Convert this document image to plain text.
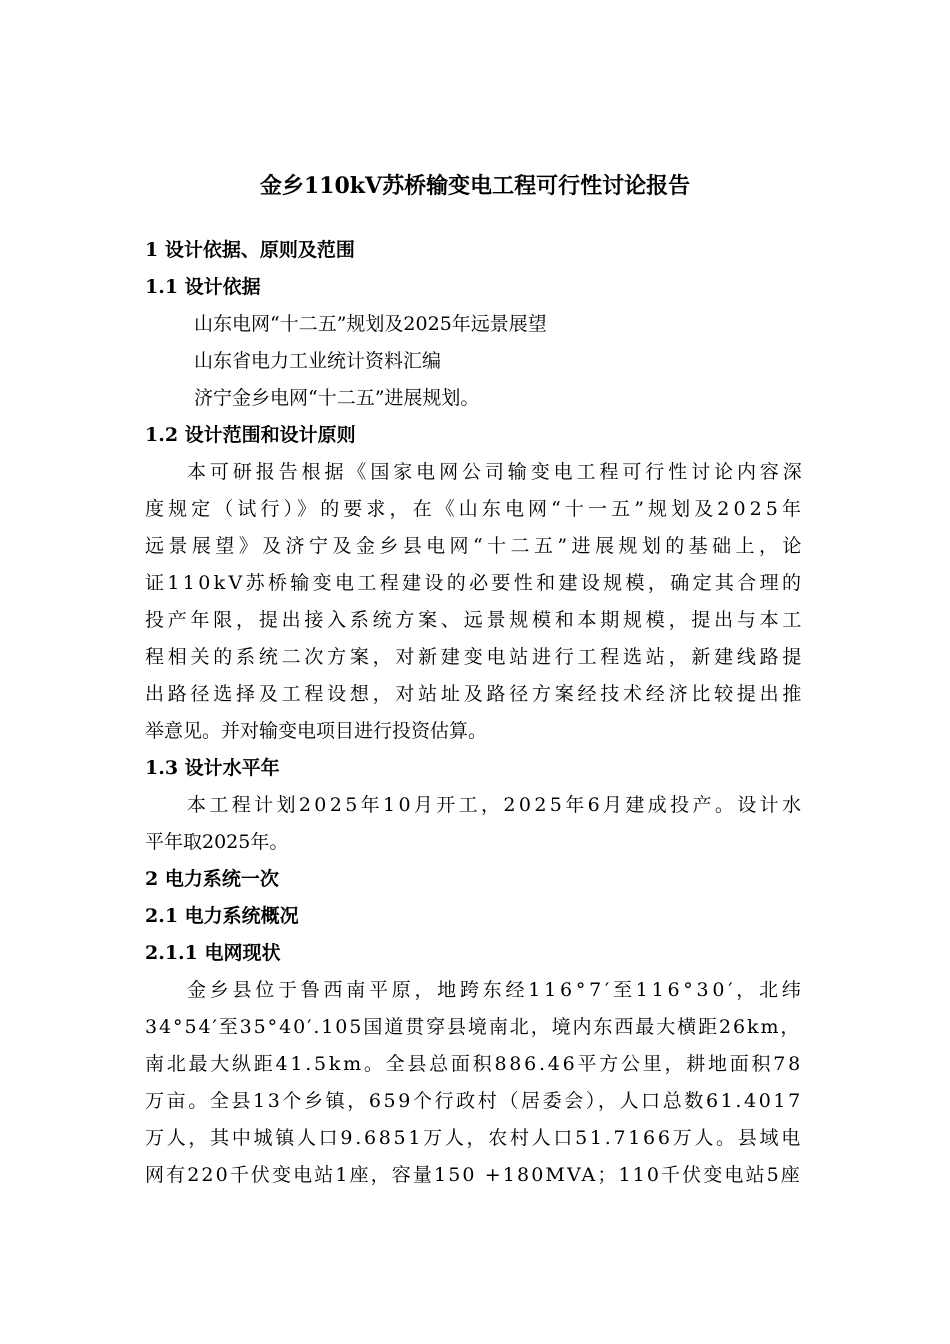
金乡110kV苏桥输变电工程可行性讨论报告
1 设计依据、原则及范围
1.1 设计依据
山东电网“十二五”规划及2025年远景展望
山东省电力工业统计资料汇编
济宁金乡电网“十二五”进展规划。
1.2 设计范围和设计原则
本可研报告根据《国家电网公司输变电工程可行性讨论内容深
度规定（试行）》的要求，在《山东电网“十一五”规划及2025年
远景展望》及济宁及金乡县电网“十二五”进展规划的基础上，论
证110kV苏桥输变电工程建设的必要性和建设规模，确定其合理的
投产年限，提出接入系统方案、远景规模和本期规模，提出与本工
程相关的系统二次方案，对新建变电站进行工程选站，新建线路提
出路径选择及工程设想，对站址及路径方案经技术经济比较提出推
举意见。并对输变电项目进行投资估算。
1.3 设计水平年
本工程计划2025年10月开工，2025年6月建成投产。设计水
平年取2025年。
2 电力系统一次
2.1 电力系统概况
2.1.1 电网现状
金乡县位于鲁西南平原，地跨东经116°7′至116°30′，北纬
34°54′至35°40′.105国道贯穿县境南北，境内东西最大横距26km，
南北最大纵距41.5km。全县总面积886.46平方公里，耕地面积78
万亩。全县13个乡镇，659个行政村（居委会），人口总数61.4017
万人，其中城镇人口9.6851万人，农村人口51.7166万人。县域电
网有220千伏变电站1座，容量150 +180MVA；110千伏变电站5座
